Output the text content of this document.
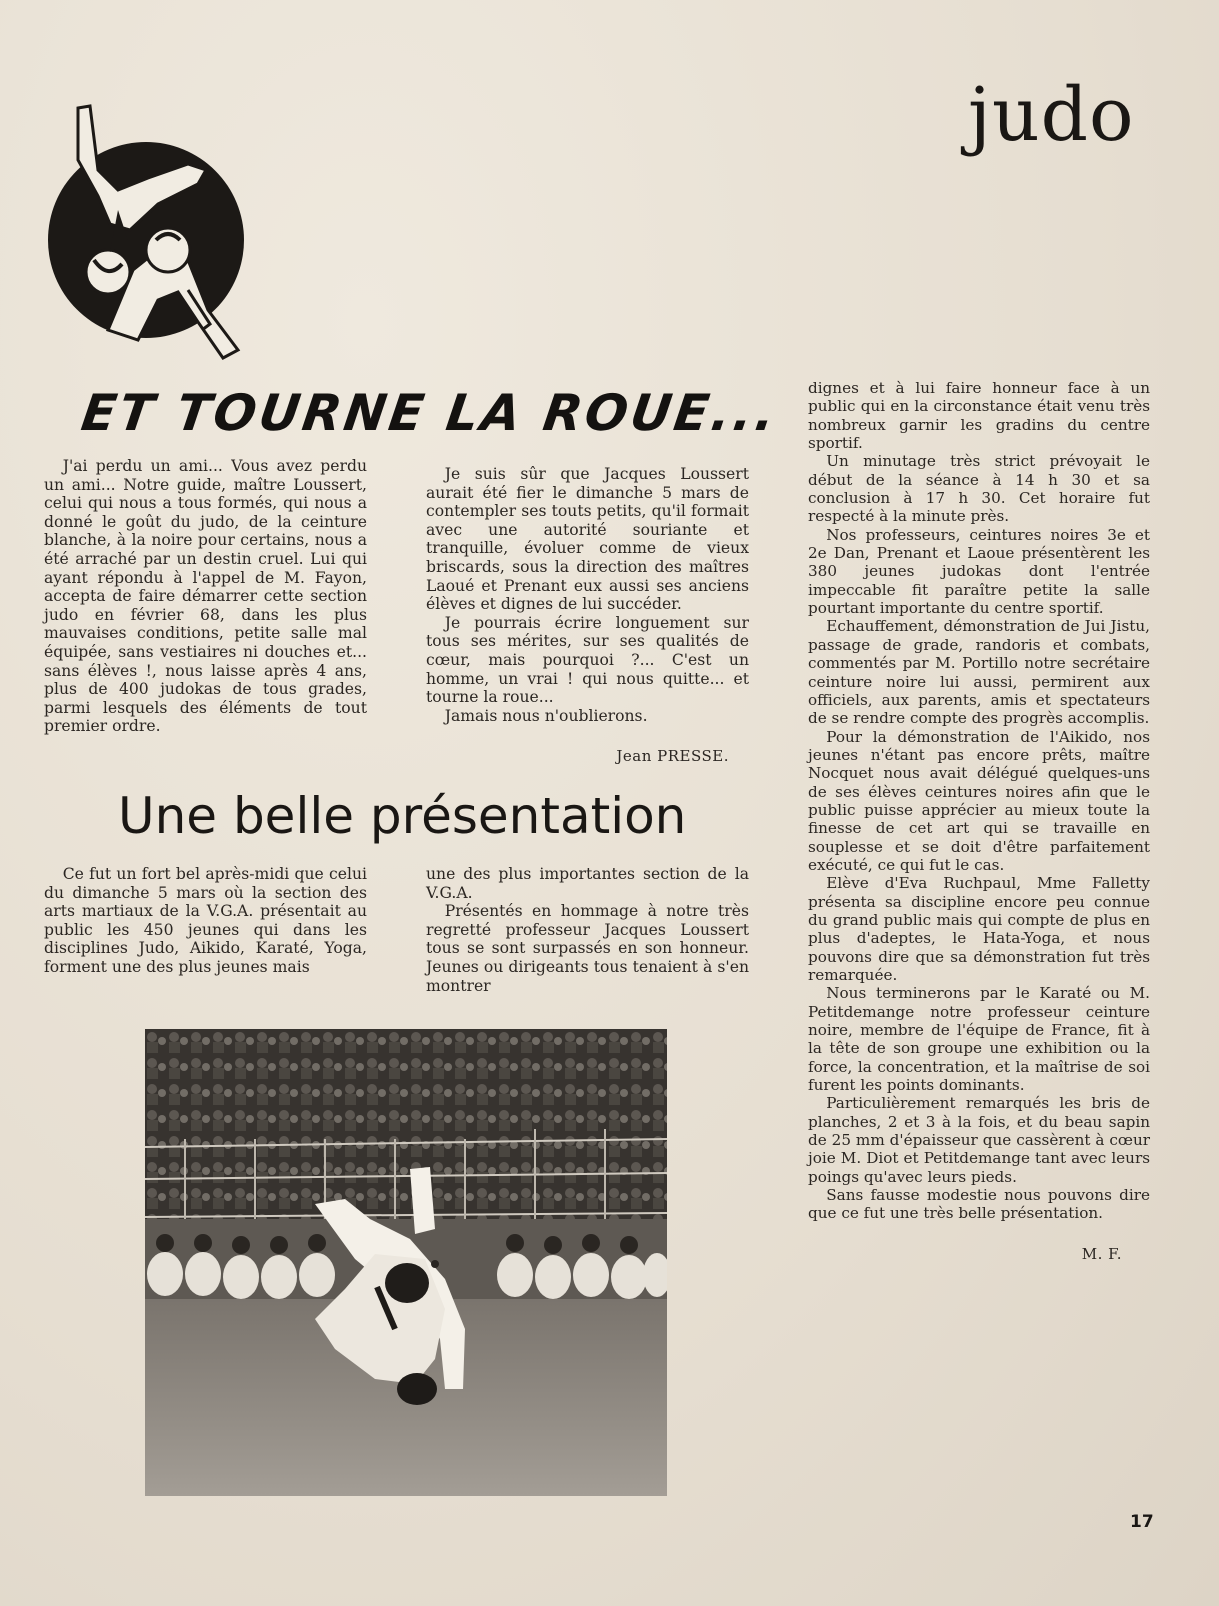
judo
ET TOURNE LA ROUE...

J'ai perdu un ami... Vous avez perdu un ami... Notre guide, maître Loussert, celui qui nous a tous formés, qui nous a donné le goût du judo, de la ceinture blanche, à la noire pour certains, nous a été arraché par un destin cruel. Lui qui ayant répondu à l'appel de M. Fayon, accepta de faire démarrer cette section judo en février 68, dans les plus mauvaises conditions, petite salle mal équipée, sans vestiaires ni douches et... sans élèves !, nous laisse après 4 ans, plus de 400 judokas de tous grades, parmi lesquels des éléments de tout premier ordre.

Je suis sûr que Jacques Loussert aurait été fier le dimanche 5 mars de contempler ses touts petits, qu'il formait avec une autorité souriante et tranquille, évoluer comme de vieux briscards, sous la direction des maîtres Laoué et Prenant eux aussi ses anciens élèves et dignes de lui succéder.

Je pourrais écrire longuement sur tous ses mérites, sur ses qualités de cœur, mais pourquoi ?... C'est un homme, un vrai ! qui nous quitte... et tourne la roue...

Jamais nous n'oublierons.

Jean PRESSE.
Une belle présentation

Ce fut un fort bel après-midi que celui du dimanche 5 mars où la section des arts martiaux de la V.G.A. présentait au public les 450 jeunes qui dans les disciplines Judo, Aikido, Karaté, Yoga, forment une des plus jeunes mais

une des plus importantes section de la V.G.A.

Présentés en hommage à notre très regretté professeur Jacques Loussert tous se sont surpassés en son honneur. Jeunes ou dirigeants tous tenaient à s'en montrer

dignes et à lui faire honneur face à un public qui en la circonstance était venu très nombreux garnir les gradins du centre sportif.

Un minutage très strict prévoyait le début de la séance à 14 h 30 et sa conclusion à 17 h 30. Cet horaire fut respecté à la minute près.

Nos professeurs, ceintures noires 3e et 2e Dan, Prenant et Laoue présentèrent les 380 jeunes judokas dont l'entrée impeccable fit paraître petite la salle pourtant importante du centre sportif.

Echauffement, démonstration de Jui Jistu, passage de grade, randoris et combats, commentés par M. Portillo notre secrétaire ceinture noire lui aussi, permirent aux officiels, aux parents, amis et spectateurs de se rendre compte des progrès accomplis.

Pour la démonstration de l'Aikido, nos jeunes n'étant pas encore prêts, maître Nocquet nous avait délégué quelques-uns de ses élèves ceintures noires afin que le public puisse apprécier au mieux toute la finesse de cet art qui se travaille en souplesse et se doit d'être parfaitement exécuté, ce qui fut le cas.

Elève d'Eva Ruchpaul, Mme Falletty présenta sa discipline encore peu connue du grand public mais qui compte de plus en plus d'adeptes, le Hata-Yoga, et nous pouvons dire que sa démonstration fut très remarquée.

Nous terminerons par le Karaté ou M. Petitdemange notre professeur ceinture noire, membre de l'équipe de France, fit à la tête de son groupe une exhibition ou la force, la concentration, et la maîtrise de soi furent les points dominants.

Particulièrement remarqués les bris de planches, 2 et 3 à la fois, et du beau sapin de 25 mm d'épaisseur que cassèrent à cœur joie M. Diot et Petitdemange tant avec leurs poings qu'avec leurs pieds.

Sans fausse modestie nous pouvons dire que ce fut une très belle présentation.

M. F.
17
